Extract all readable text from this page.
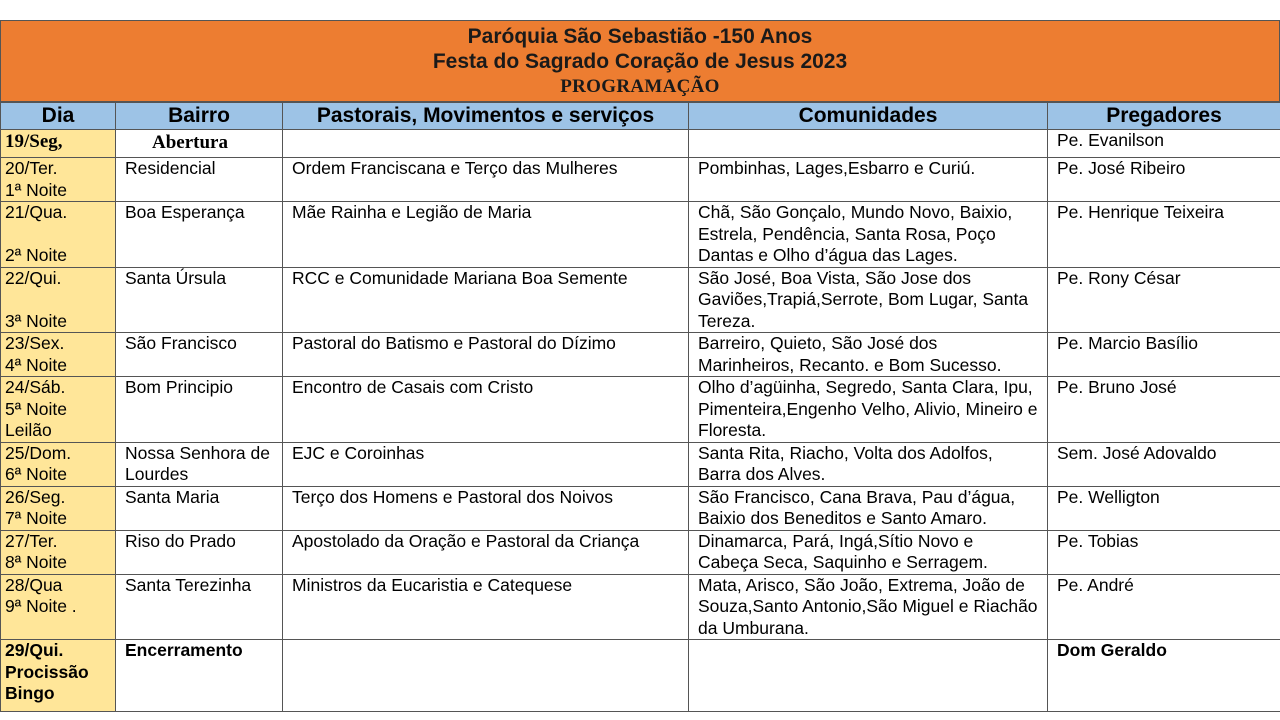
Paróquia São Sebastião -150 Anos
Festa do Sagrado Coração de Jesus 2023
PROGRAMAÇÃO
Dia	Bairro	Pastorais, Movimentos e serviços	Comunidades	Pregadores
19/Seg,	Abertura			Pe. Evanilson

20/Ter.
1ª Noite	Residencial	Ordem Franciscana e Terço das Mulheres	Pombinhas, Lages,Esbarro e Curiú.	Pe. José Ribeiro

21/Qua.
2ª Noite	Boa Esperança	Mãe Rainha e Legião de Maria	Chã, São Gonçalo, Mundo Novo, Baixio, Estrela, Pendência, Santa Rosa, Poço Dantas e Olho d’água das Lages.	Pe. Henrique Teixeira

22/Qui.
3ª Noite	Santa Úrsula	RCC e Comunidade Mariana Boa Semente	São José, Boa Vista, São Jose dos Gaviões,Trapiá,Serrote, Bom Lugar, Santa Tereza.	Pe. Rony César

23/Sex.
4ª Noite	São Francisco	Pastoral do Batismo e Pastoral do Dízimo	Barreiro, Quieto, São José dos Marinheiros, Recanto. e Bom Sucesso.	Pe. Marcio Basílio

24/Sáb.
5ª Noite
Leilão	Bom Principio	Encontro de Casais com Cristo	Olho d’agüinha, Segredo, Santa Clara, Ipu, Pimenteira,Engenho Velho, Alivio, Mineiro e Floresta.	Pe. Bruno José

25/Dom.
6ª Noite	Nossa Senhora de Lourdes	EJC e Coroinhas	Santa Rita, Riacho, Volta dos Adolfos, Barra dos Alves.	Sem. José Adovaldo

26/Seg.
7ª Noite	Santa Maria	Terço dos Homens e Pastoral dos Noivos	São Francisco, Cana Brava, Pau d’água, Baixio dos Beneditos e Santo Amaro.	Pe. Welligton

27/Ter.
8ª Noite	Riso do Prado	Apostolado da Oração e Pastoral da Criança	Dinamarca, Pará, Ingá,Sítio Novo e Cabeça Seca, Saquinho e Serragem.	Pe. Tobias

28/Qua
9ª Noite .	Santa Terezinha	Ministros da Eucaristia e Catequese	Mata, Arisco, São João, Extrema, João de Souza,Santo Antonio,São Miguel e Riachão da Umburana.	Pe. André

29/Qui.
Procissão
Bingo	Encerramento			Dom Geraldo
